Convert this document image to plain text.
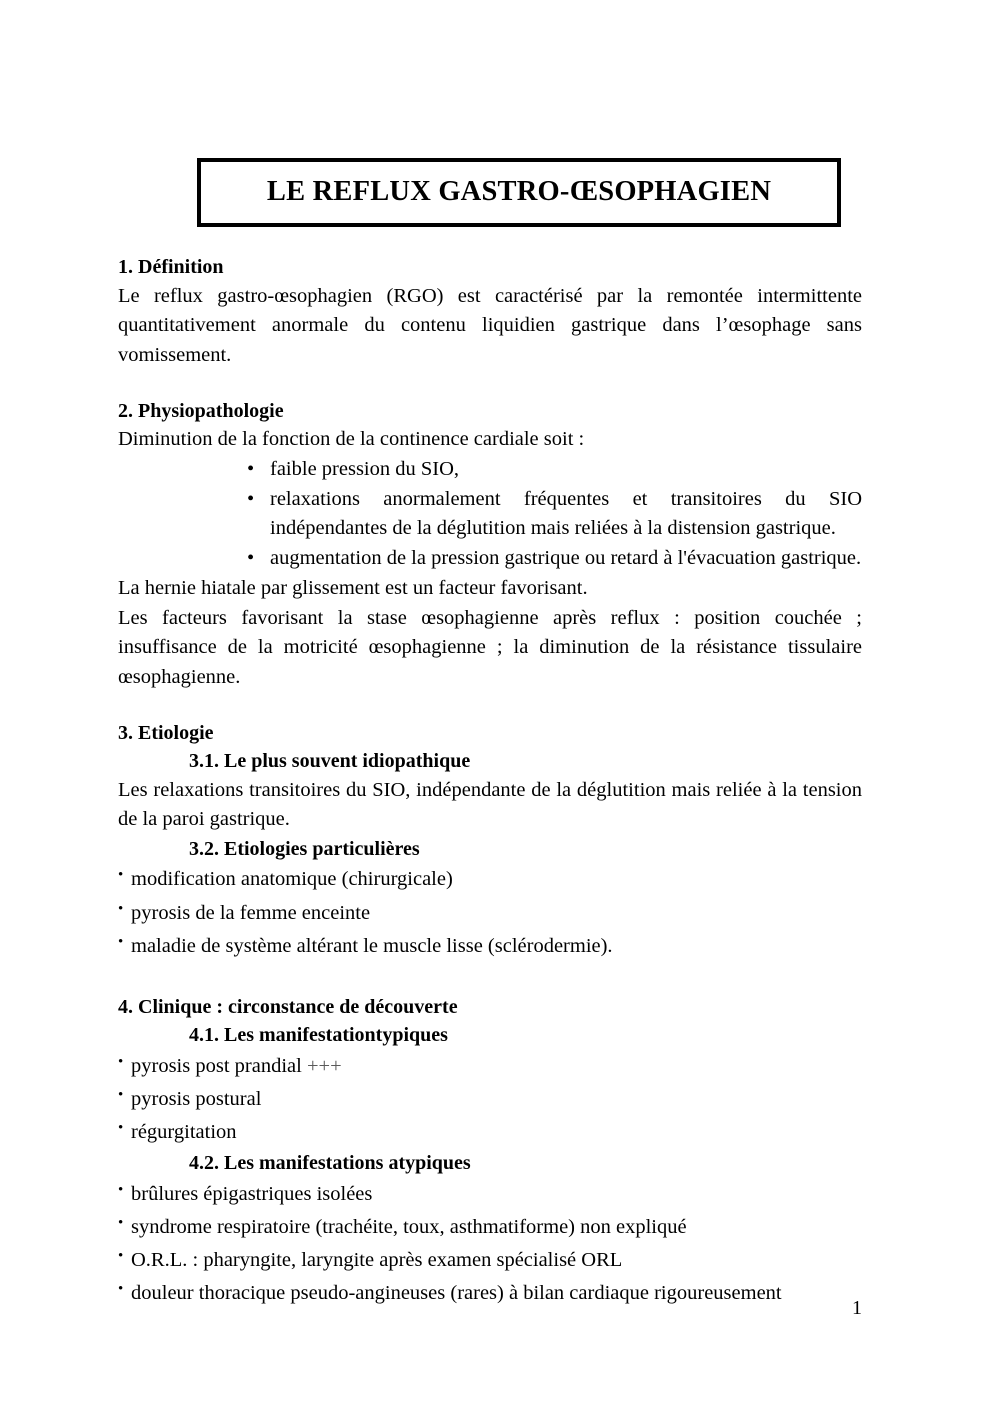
LE REFLUX GASTRO-ŒSOPHAGIEN
1. Définition

Le reflux gastro-œsophagien (RGO) est caractérisé par la remontée intermittente quantitativement anormale du contenu liquidien gastrique dans l’œsophage sans vomissement.

2. Physiopathologie

Diminution de la fonction de la continence cardiale soit :

• faible pression du SIO,
• relaxations anormalement fréquentes et transitoires du SIO indépendantes de la déglutition mais reliées à la distension gastrique.
• augmentation de la pression gastrique ou retard à l'évacuation gastrique.

La hernie hiatale par glissement est un facteur favorisant.

Les facteurs favorisant la stase œsophagienne après reflux : position couchée ; insuffisance de la motricité œsophagienne ; la diminution de la résistance tissulaire œsophagienne.

3. Etiologie
3.1. Le plus souvent idiopathique

Les relaxations transitoires du SIO, indépendante de la déglutition mais reliée à la tension de la paroi gastrique.

3.2. Etiologies particulières
• modification anatomique (chirurgicale)
• pyrosis de la femme enceinte
• maladie de système altérant le muscle lisse (sclérodermie).
4. Clinique : circonstance de découverte
4.1. Les manifestationtypiques
• pyrosis post prandial +++
• pyrosis postural
• régurgitation
4.2. Les manifestations atypiques
• brûlures épigastriques isolées
• syndrome respiratoire (trachéite, toux, asthmatiforme) non expliqué
• O.R.L. : pharyngite, laryngite après examen spécialisé ORL
• douleur thoracique pseudo-angineuses (rares) à bilan cardiaque rigoureusement
1
